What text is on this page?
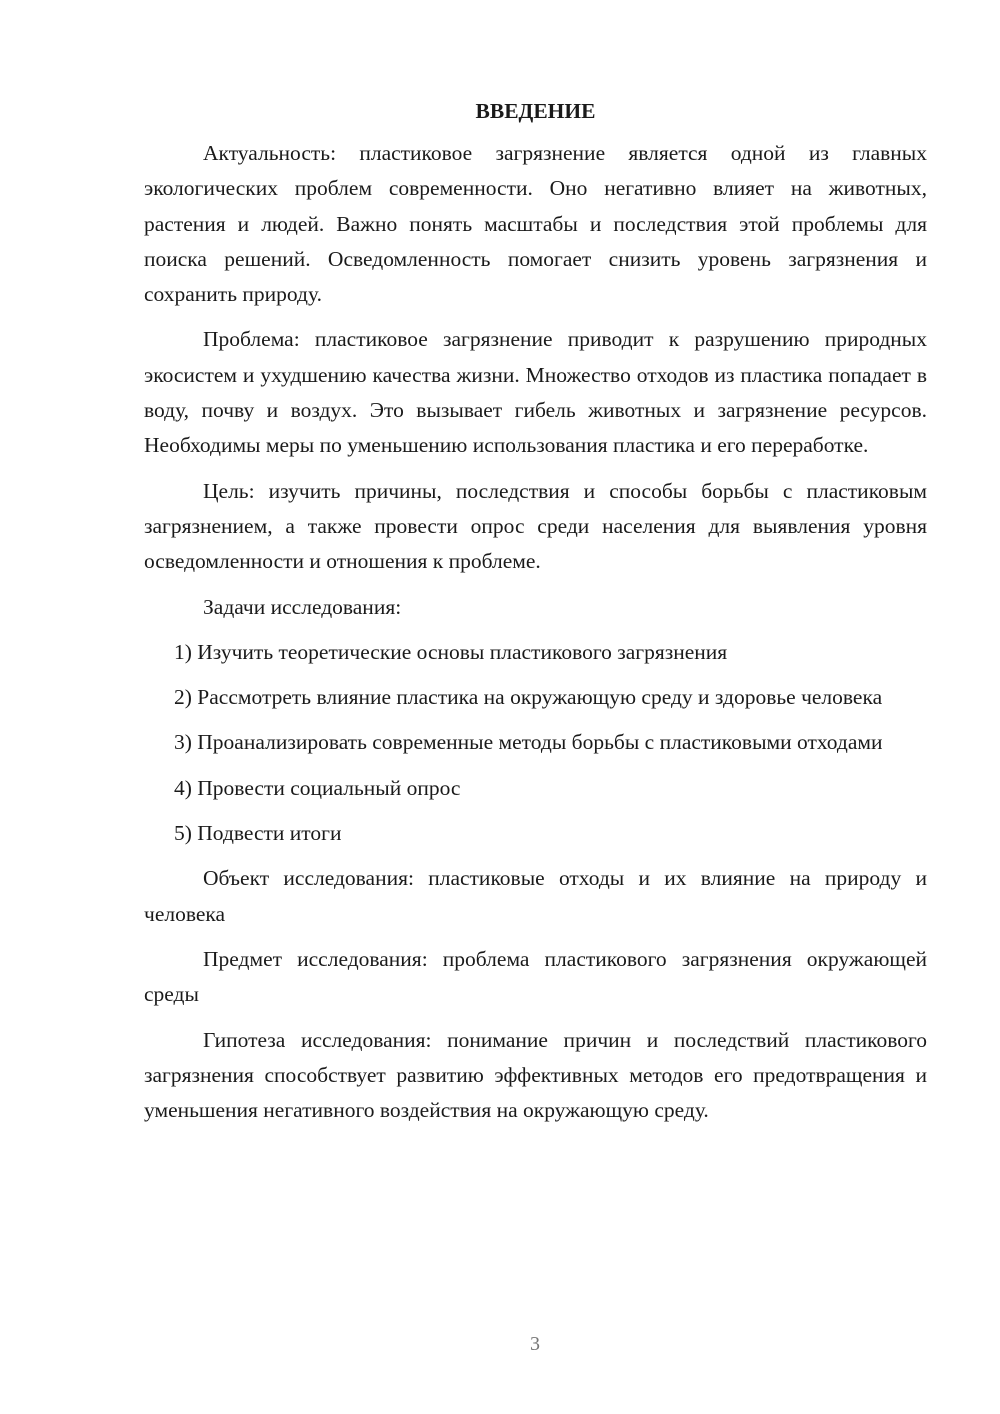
ВВЕДЕНИЕ

Актуальность: пластиковое загрязнение является одной из главных экологических проблем современности. Оно негативно влияет на животных, растения и людей. Важно понять масштабы и последствия этой проблемы для поиска решений. Осведомленность помогает снизить уровень загрязнения и сохранить природу.

Проблема: пластиковое загрязнение приводит к разрушению природных экосистем и ухудшению качества жизни. Множество отходов из пластика попадает в воду, почву и воздух. Это вызывает гибель животных и загрязнение ресурсов. Необходимы меры по уменьшению использования пластика и его переработке.

Цель: изучить причины, последствия и способы борьбы с пластиковым загрязнением, а также провести опрос среди населения для выявления уровня осведомленности и отношения к проблеме.

Задачи исследования:

1) Изучить теоретические основы пластикового загрязнения

2) Рассмотреть влияние пластика на окружающую среду и здоровье человека

3) Проанализировать современные методы борьбы с пластиковыми отходами

4) Провести социальный опрос

5) Подвести итоги

Объект исследования: пластиковые отходы и их влияние на природу и человека

Предмет исследования: проблема пластикового загрязнения окружающей среды

Гипотеза исследования: понимание причин и последствий пластикового загрязнения способствует развитию эффективных методов его предотвращения и уменьшения негативного воздействия на окружающую среду.

3
